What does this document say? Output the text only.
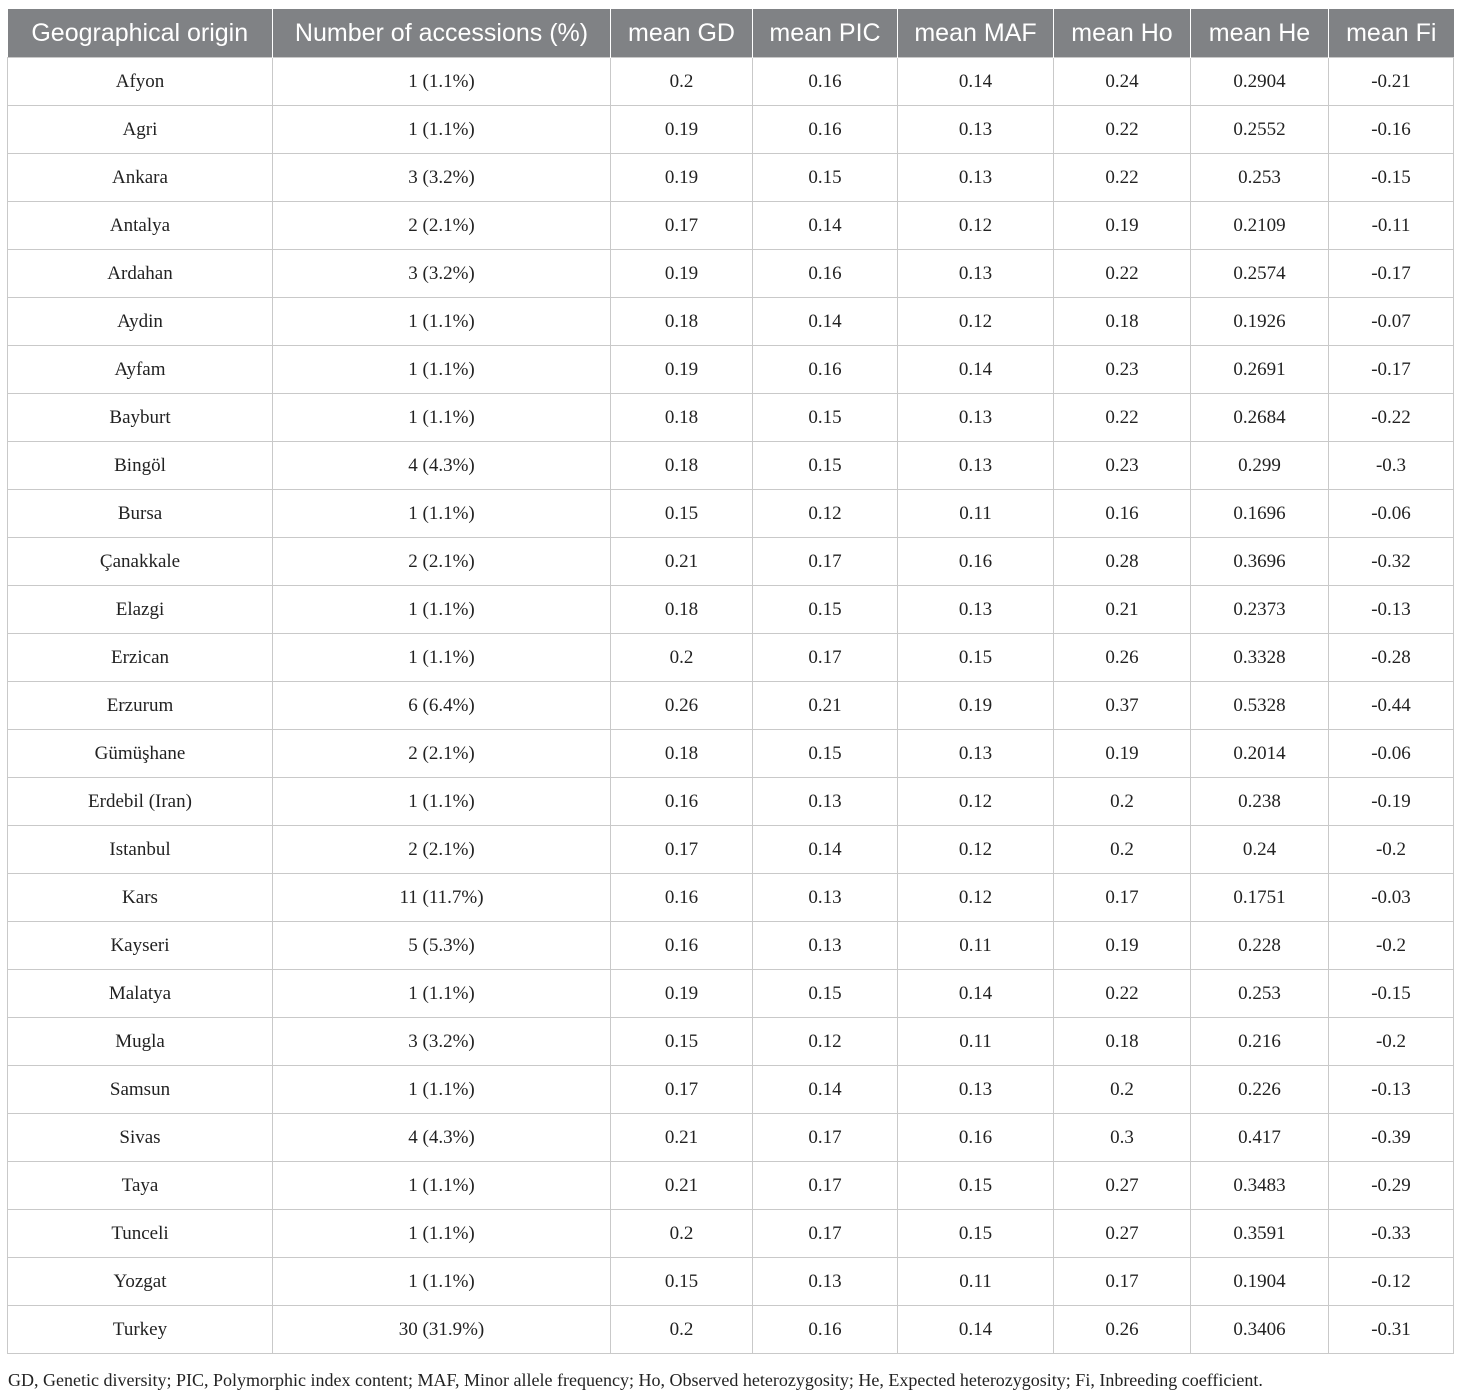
Geographical origin	Number of accessions (%)	mean GD	mean PIC	mean MAF	mean Ho	mean He	mean Fi
Afyon	1 (1.1%)	0.2	0.16	0.14	0.24	0.2904	-0.21
Agri	1 (1.1%)	0.19	0.16	0.13	0.22	0.2552	-0.16
Ankara	3 (3.2%)	0.19	0.15	0.13	0.22	0.253	-0.15
Antalya	2 (2.1%)	0.17	0.14	0.12	0.19	0.2109	-0.11
Ardahan	3 (3.2%)	0.19	0.16	0.13	0.22	0.2574	-0.17
Aydin	1 (1.1%)	0.18	0.14	0.12	0.18	0.1926	-0.07
Ayfam	1 (1.1%)	0.19	0.16	0.14	0.23	0.2691	-0.17
Bayburt	1 (1.1%)	0.18	0.15	0.13	0.22	0.2684	-0.22
Bingöl	4 (4.3%)	0.18	0.15	0.13	0.23	0.299	-0.3
Bursa	1 (1.1%)	0.15	0.12	0.11	0.16	0.1696	-0.06
Çanakkale	2 (2.1%)	0.21	0.17	0.16	0.28	0.3696	-0.32
Elazgi	1 (1.1%)	0.18	0.15	0.13	0.21	0.2373	-0.13
Erzican	1 (1.1%)	0.2	0.17	0.15	0.26	0.3328	-0.28
Erzurum	6 (6.4%)	0.26	0.21	0.19	0.37	0.5328	-0.44
Gümüşhane	2 (2.1%)	0.18	0.15	0.13	0.19	0.2014	-0.06
Erdebil (Iran)	1 (1.1%)	0.16	0.13	0.12	0.2	0.238	-0.19
Istanbul	2 (2.1%)	0.17	0.14	0.12	0.2	0.24	-0.2
Kars	11 (11.7%)	0.16	0.13	0.12	0.17	0.1751	-0.03
Kayseri	5 (5.3%)	0.16	0.13	0.11	0.19	0.228	-0.2
Malatya	1 (1.1%)	0.19	0.15	0.14	0.22	0.253	-0.15
Mugla	3 (3.2%)	0.15	0.12	0.11	0.18	0.216	-0.2
Samsun	1 (1.1%)	0.17	0.14	0.13	0.2	0.226	-0.13
Sivas	4 (4.3%)	0.21	0.17	0.16	0.3	0.417	-0.39
Taya	1 (1.1%)	0.21	0.17	0.15	0.27	0.3483	-0.29
Tunceli	1 (1.1%)	0.2	0.17	0.15	0.27	0.3591	-0.33
Yozgat	1 (1.1%)	0.15	0.13	0.11	0.17	0.1904	-0.12
Turkey	30 (31.9%)	0.2	0.16	0.14	0.26	0.3406	-0.31
GD, Genetic diversity; PIC, Polymorphic index content; MAF, Minor allele frequency; Ho, Observed heterozygosity; He, Expected heterozygosity; Fi, Inbreeding coefficient.
